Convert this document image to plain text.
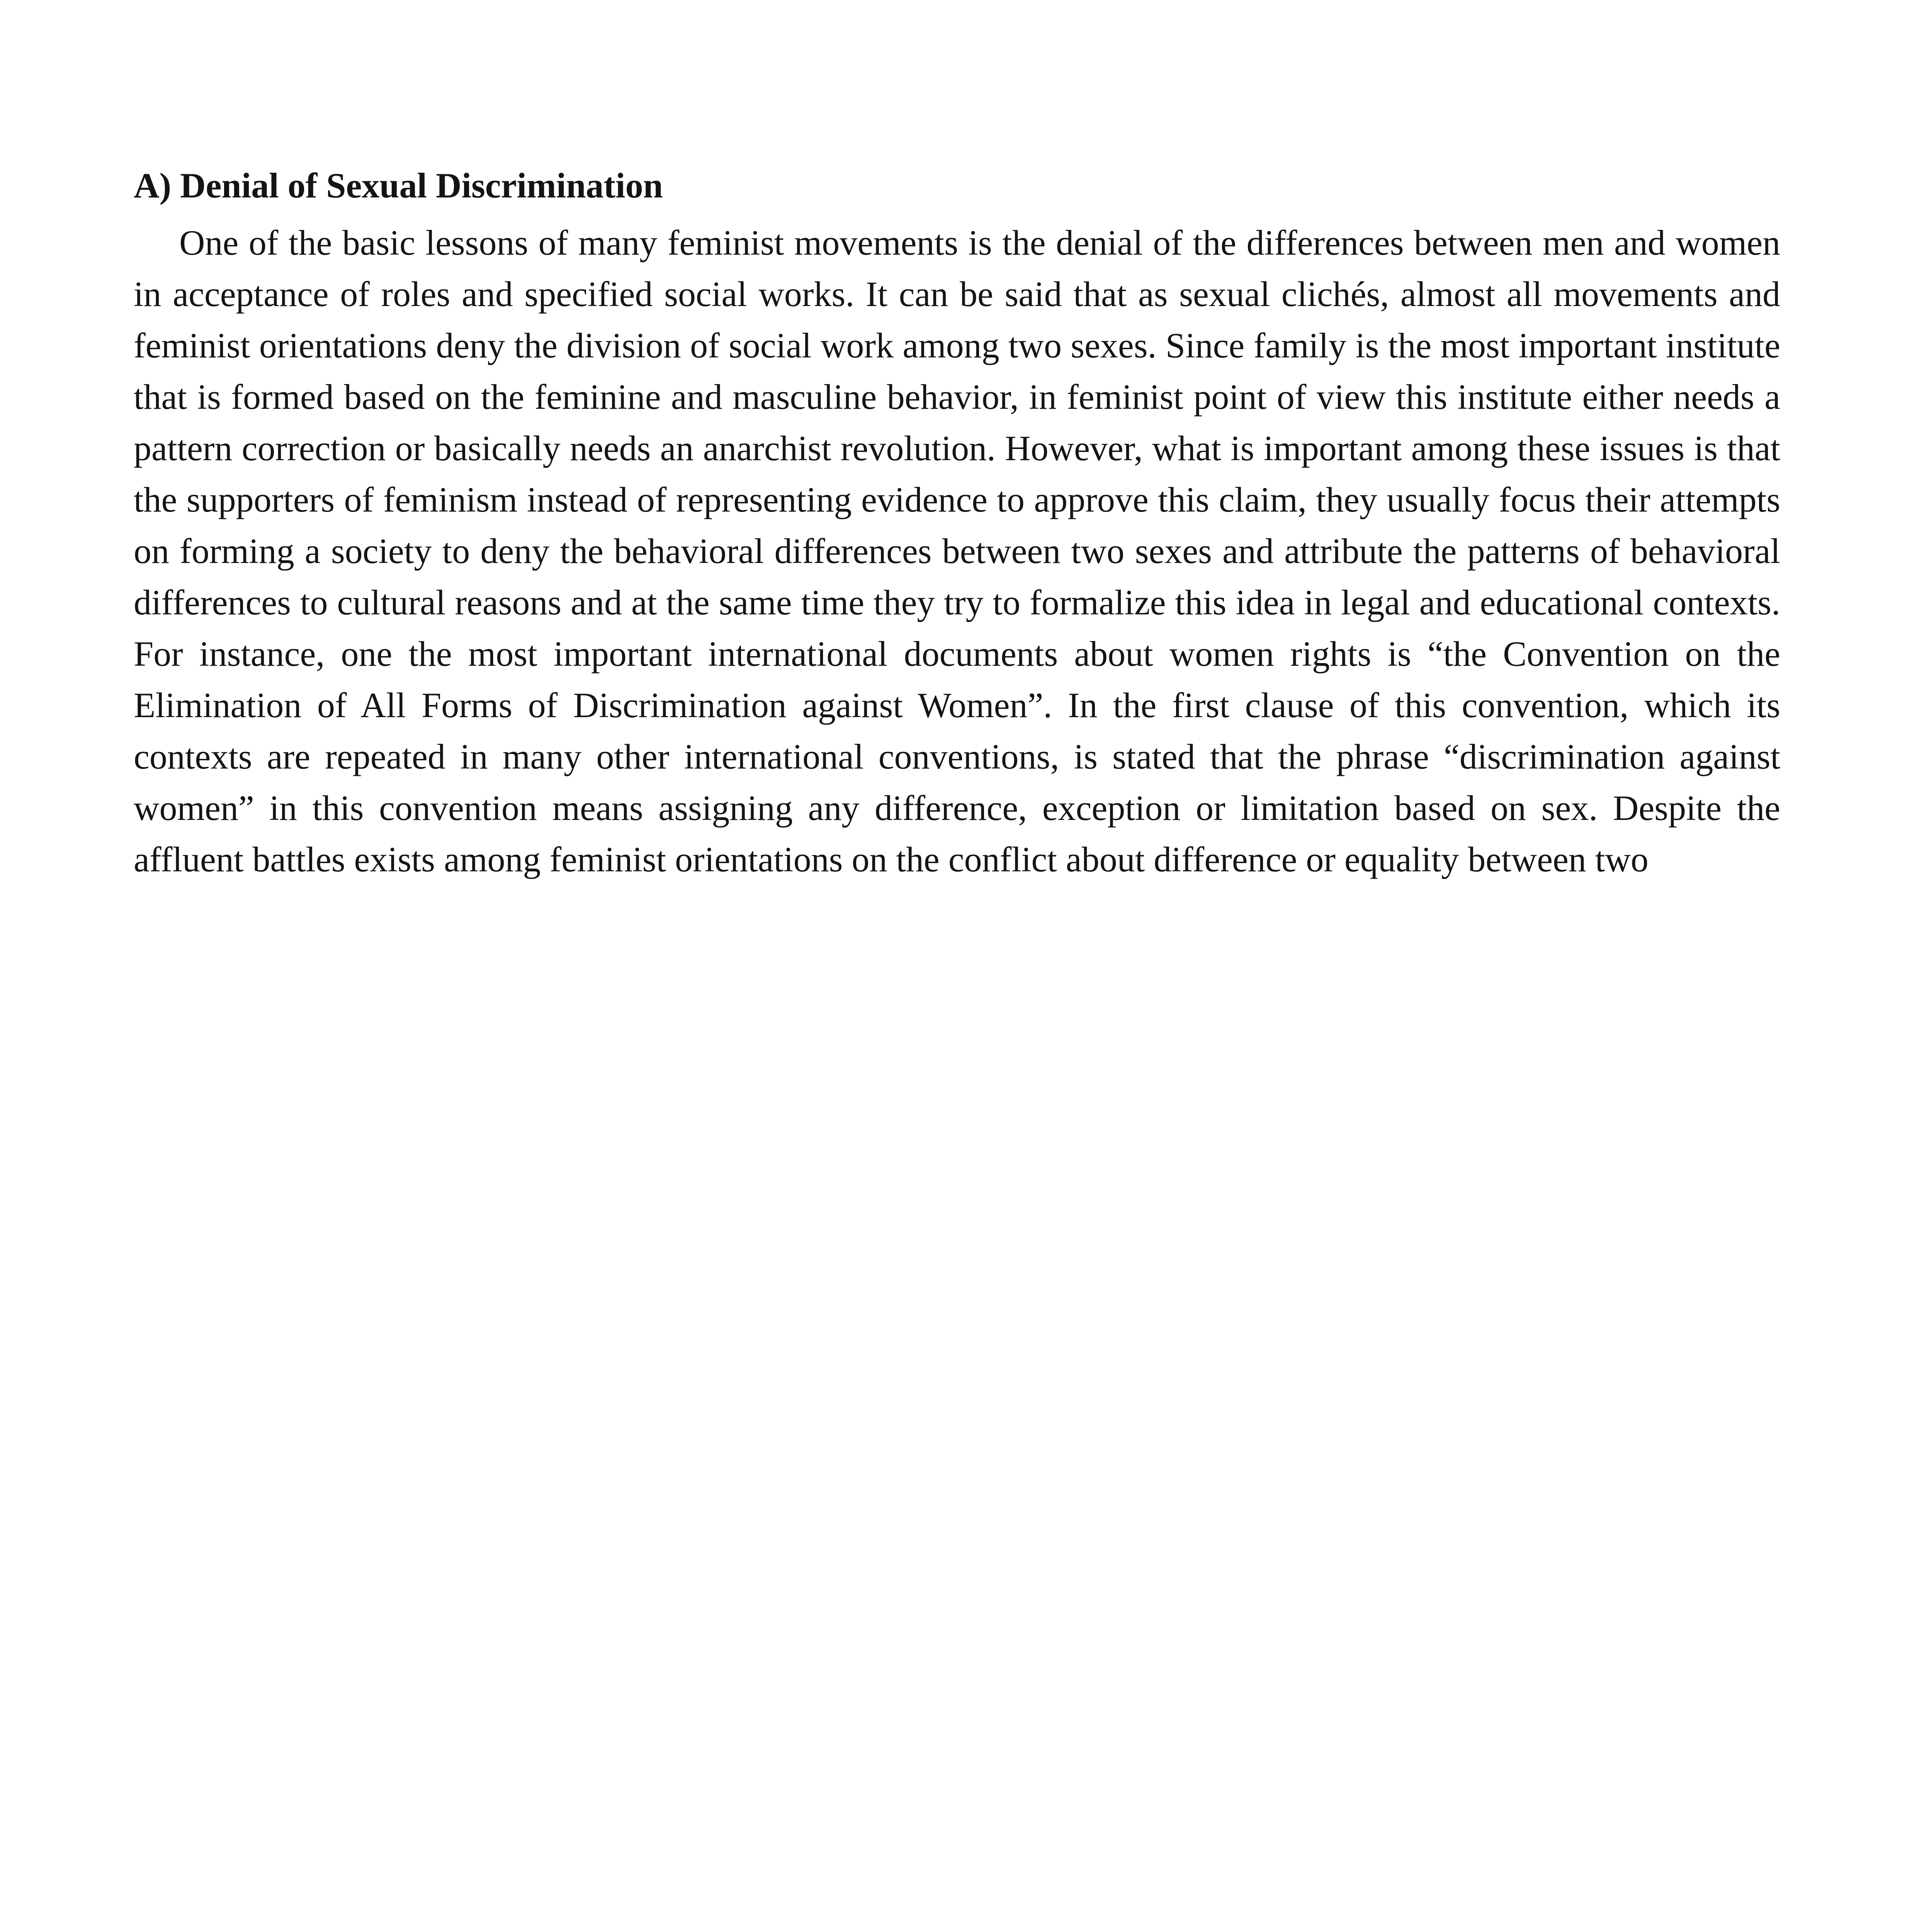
A) Denial of Sexual Discrimination

One of the basic lessons of many feminist movements is the denial of the differences between men and women in acceptance of roles and specified social works. It can be said that as sexual clichés, almost all movements and feminist orientations deny the division of social work among two sexes. Since family is the most important institute that is formed based on the feminine and masculine behavior, in feminist point of view this institute either needs a pattern correction or basically needs an anarchist revolution. However, what is important among these issues is that the supporters of feminism instead of representing evidence to approve this claim, they usually focus their attempts on forming a society to deny the behavioral differences between two sexes and attribute the patterns of behavioral differences to cultural reasons and at the same time they try to formalize this idea in legal and educational contexts. For instance, one the most important international documents about women rights is “the Convention on the Elimination of All Forms of Discrimination against Women”. In the first clause of this convention, which its contexts are repeated in many other international conventions, is stated that the phrase “discrimination against women” in this convention means assigning any difference, exception or limitation based on sex. Despite the affluent battles exists among feminist orientations on the conflict about difference or equality between two
